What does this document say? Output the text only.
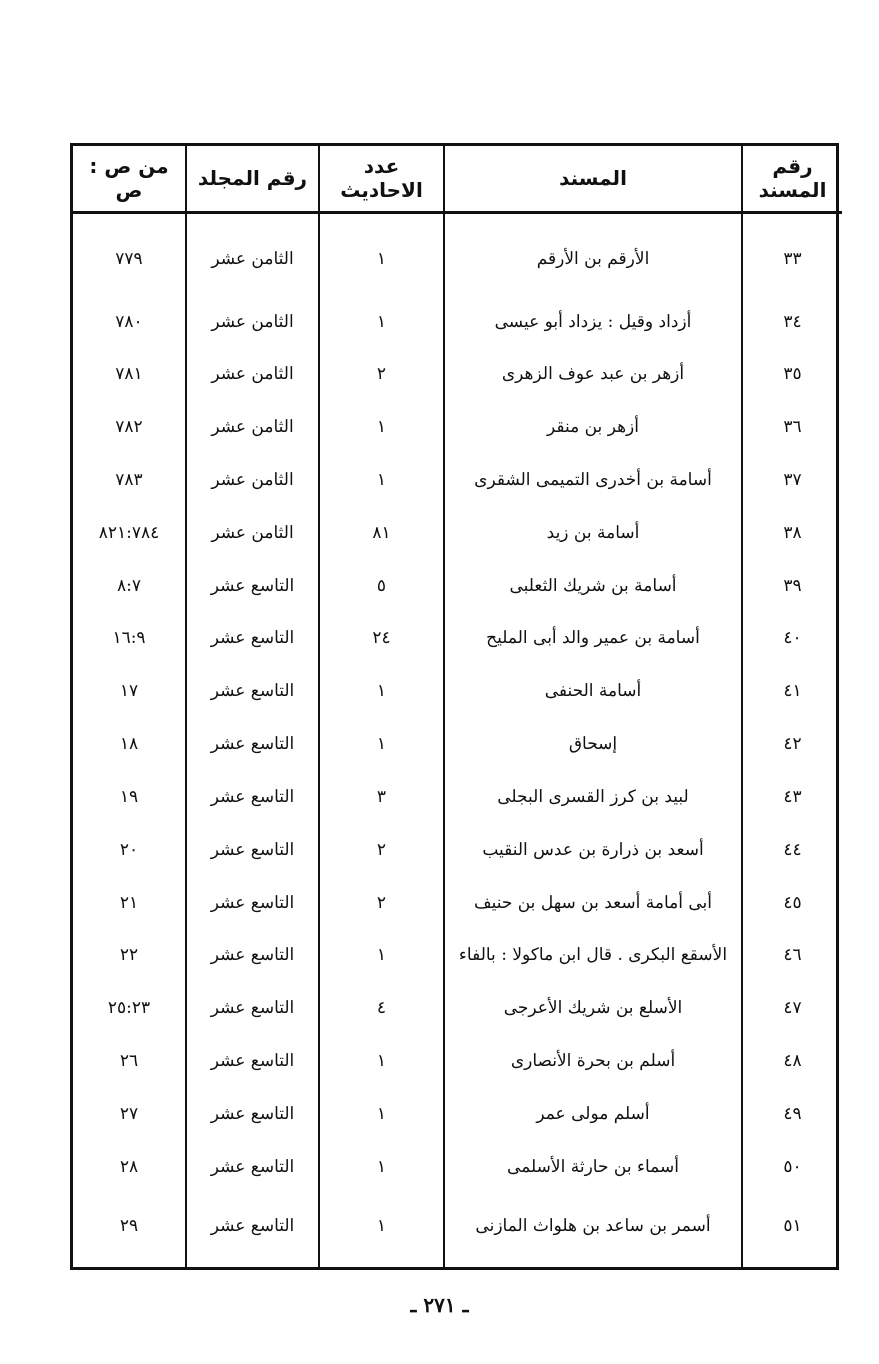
رقم المسند	المسند	عدد الاحاديث	رقم المجلد	من ص : ص
٣٣	الأرقم بن الأرقم	١	الثامن عشر	٧٧٩
٣٤	أزداد وقيل : يزداد أبو عيسى	١	الثامن عشر	٧٨٠
٣٥	أزهر بن عبد عوف الزهرى	٢	الثامن عشر	٧٨١
٣٦	أزهر بن منقر	١	الثامن عشر	٧٨٢
٣٧	أسامة بن أخدرى التميمى الشقرى	١	الثامن عشر	٧٨٣
٣٨	أسامة بن زيد	٨١	الثامن عشر	٨٢١:٧٨٤
٣٩	أسامة بن شريك الثعلبى	٥	التاسع عشر	٨:٧
٤٠	أسامة بن عمير والد أبى المليح	٢٤	التاسع عشر	١٦:٩
٤١	أسامة الحنفى	١	التاسع عشر	١٧
٤٢	إسحاق	١	التاسع عشر	١٨
٤٣	لبيد بن كرز القسرى البجلى	٣	التاسع عشر	١٩
٤٤	أسعد بن ذرارة بن عدس النقيب	٢	التاسع عشر	٢٠
٤٥	أبى أمامة أسعد بن سهل بن حنيف	٢	التاسع عشر	٢١
٤٦	الأسقع البكرى . قال ابن ماكولا : بالفاء	١	التاسع عشر	٢٢
٤٧	الأسلع بن شريك الأعرجى	٤	التاسع عشر	٢٥:٢٣
٤٨	أسلم بن بحرة الأنصارى	١	التاسع عشر	٢٦
٤٩	أسلم مولى عمر	١	التاسع عشر	٢٧
٥٠	أسماء بن حارثة الأسلمى	١	التاسع عشر	٢٨
٥١	أسمر بن ساعد بن هلواث المازنى	١	التاسع عشر	٢٩
ـ ٢٧١ ـ
